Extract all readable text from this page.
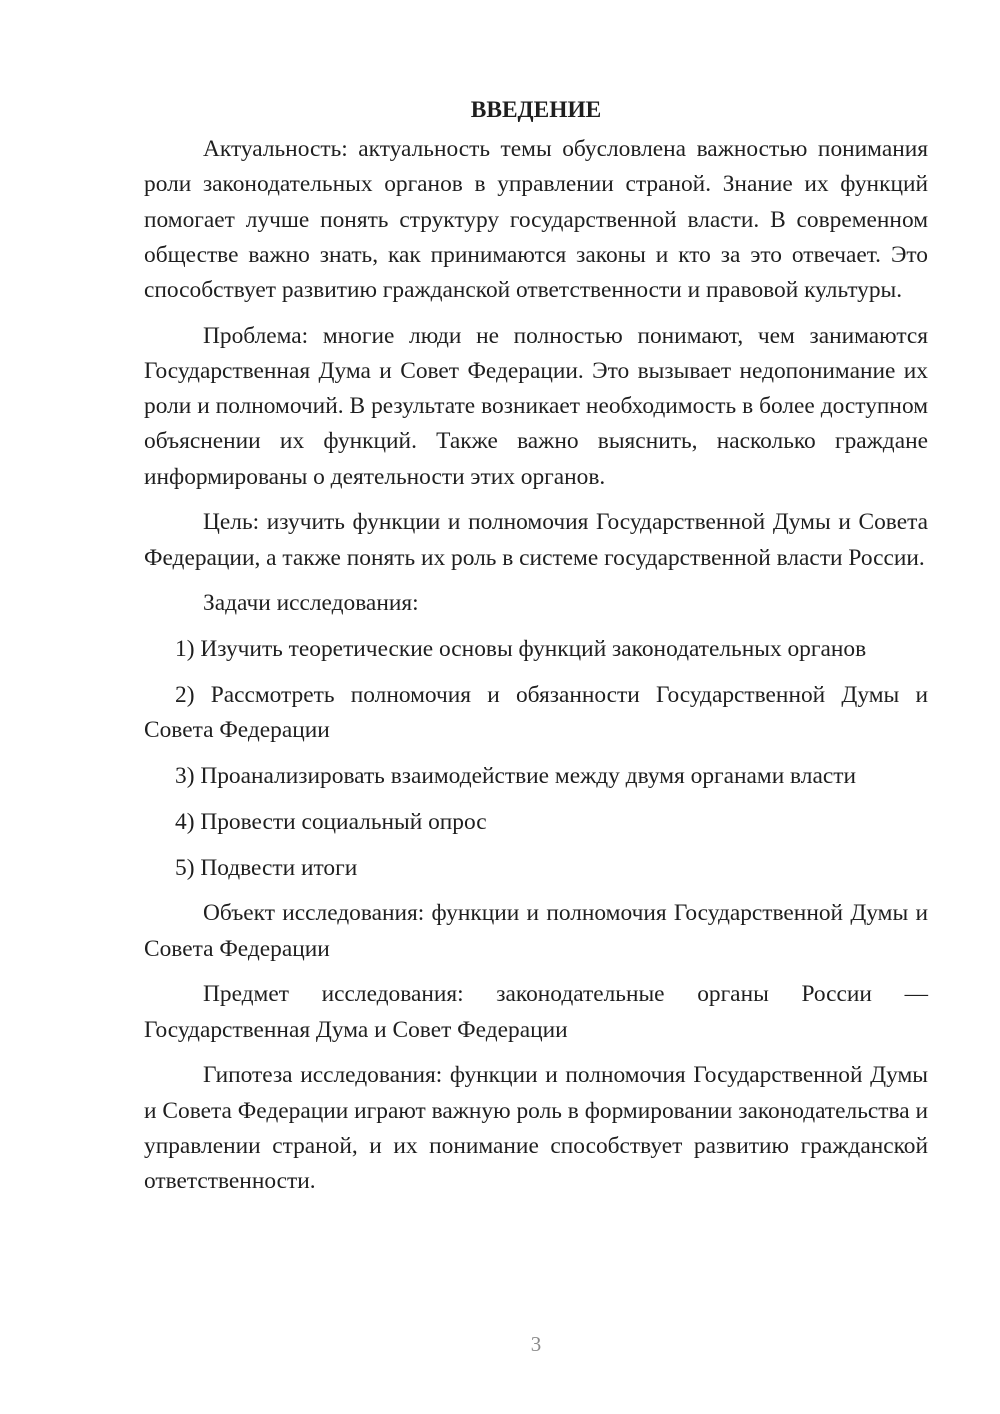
ВВЕДЕНИЕ

Актуальность: актуальность темы обусловлена важностью понимания роли законодательных органов в управлении страной. Знание их функций помогает лучше понять структуру государственной власти. В современном обществе важно знать, как принимаются законы и кто за это отвечает. Это способствует развитию гражданской ответственности и правовой культуры.

Проблема: многие люди не полностью понимают, чем занимаются Государственная Дума и Совет Федерации. Это вызывает недопонимание их роли и полномочий. В результате возникает необходимость в более доступном объяснении их функций. Также важно выяснить, насколько граждане информированы о деятельности этих органов.

Цель: изучить функции и полномочия Государственной Думы и Совета Федерации, а также понять их роль в системе государственной власти России.

Задачи исследования:

1) Изучить теоретические основы функций законодательных органов
2) Рассмотреть полномочия и обязанности Государственной Думы и Совета Федерации
3) Проанализировать взаимодействие между двумя органами власти
4) Провести социальный опрос
5) Подвести итоги

Объект исследования: функции и полномочия Государственной Думы и Совета Федерации

Предмет исследования: законодательные органы России — Государственная Дума и Совет Федерации

Гипотеза исследования: функции и полномочия Государственной Думы и Совета Федерации играют важную роль в формировании законодательства и управлении страной, и их понимание способствует развитию гражданской ответственности.

3
